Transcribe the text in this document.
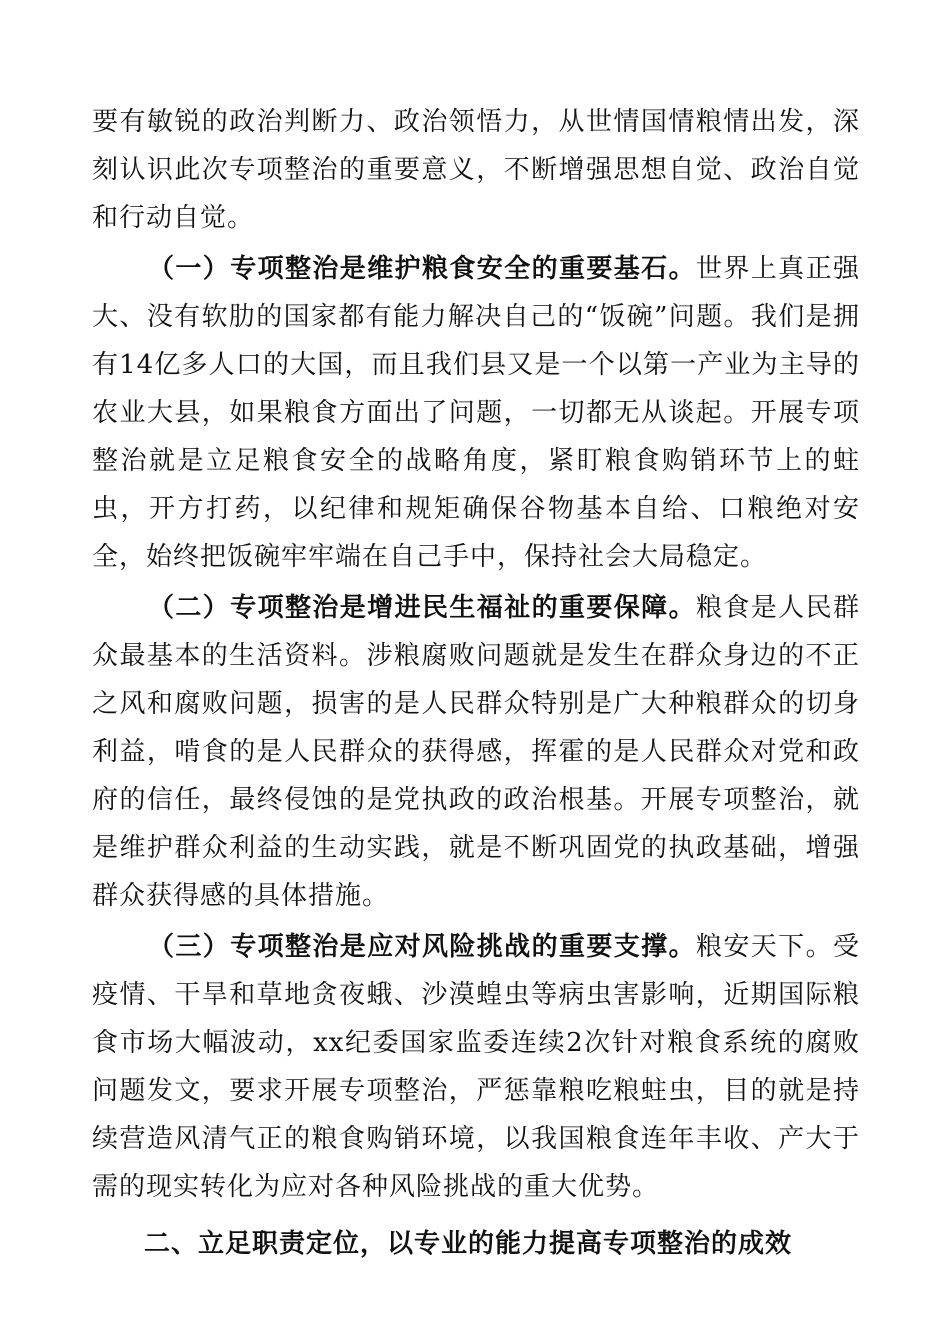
要有敏锐的政治判断力、政治领悟力，从世情国情粮情出发，深刻认识此次专项整治的重要意义，不断增强思想自觉、政治自觉和行动自觉。

（一）专项整治是维护粮食安全的重要基石。世界上真正强大、没有软肋的国家都有能力解决自己的“饭碗”问题。我们是拥有14亿多人口的大国，而且我们县又是一个以第一产业为主导的农业大县，如果粮食方面出了问题，一切都无从谈起。开展专项整治就是立足粮食安全的战略角度，紧盯粮食购销环节上的蛀虫，开方打药，以纪律和规矩确保谷物基本自给、口粮绝对安全，始终把饭碗牢牢端在自己手中，保持社会大局稳定。

（二）专项整治是增进民生福祉的重要保障。粮食是人民群众最基本的生活资料。涉粮腐败问题就是发生在群众身边的不正之风和腐败问题，损害的是人民群众特别是广大种粮群众的切身利益，啃食的是人民群众的获得感，挥霍的是人民群众对党和政府的信任，最终侵蚀的是党执政的政治根基。开展专项整治，就是维护群众利益的生动实践，就是不断巩固党的执政基础，增强群众获得感的具体措施。

（三）专项整治是应对风险挑战的重要支撑。粮安天下。受疫情、干旱和草地贪夜蛾、沙漠蝗虫等病虫害影响，近期国际粮食市场大幅波动，xx纪委国家监委连续2次针对粮食系统的腐败问题发文，要求开展专项整治，严惩靠粮吃粮蛀虫，目的就是持续营造风清气正的粮食购销环境，以我国粮食连年丰收、产大于需的现实转化为应对各种风险挑战的重大优势。

二、立足职责定位，以专业的能力提高专项整治的成效
